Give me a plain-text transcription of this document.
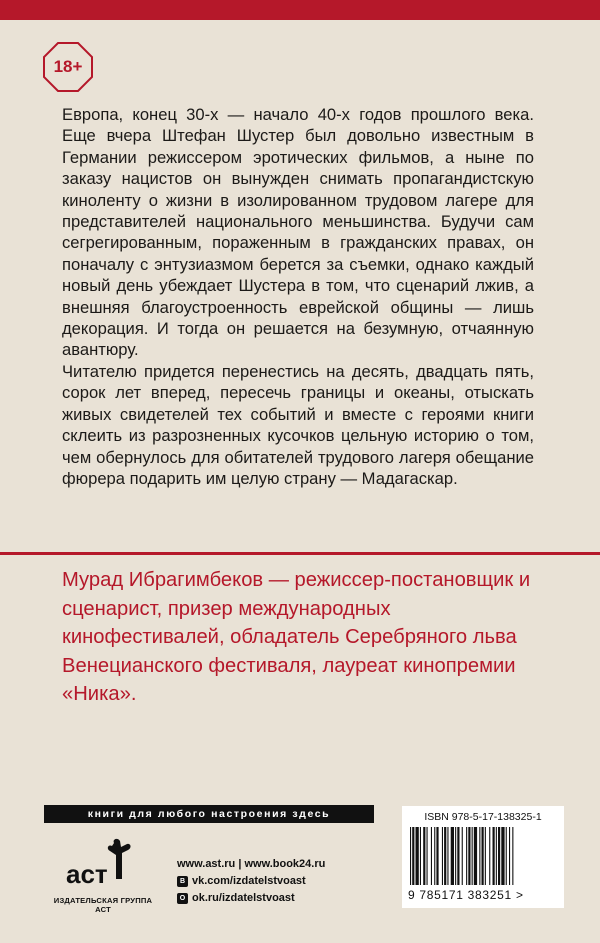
18+

Европа, конец 30-х — начало 40-х годов прошлого века. Еще вчера Штефан Шустер был довольно известным в Германии режиссером эротических фильмов, а ныне по заказу нацистов он вынужден снимать пропагандистскую киноленту о жизни в изолированном трудовом лагере для представителей национального меньшинства. Будучи сам сегрегированным, пораженным в гражданских правах, он поначалу с энтузиазмом берется за съемки, однако каждый новый день убеждает Шустера в том, что сценарий лжив, а внешняя благоустроенность еврейской общины — лишь декорация. И тогда он решается на безумную, отчаянную авантюру.

Читателю придется перенестись на десять, двадцать пять, сорок лет вперед, пересечь границы и океаны, отыскать живых свидетелей тех событий и вместе с героями книги склеить из разрозненных кусочков цельную историю о том, чем обернулось для обитателей трудового лагеря обещание фюрера подарить им целую страну — Мадагаскар.

Мурад Ибрагимбеков — режиссер-постановщик и сценарист, призер международных кинофестивалей, обладатель Серебряного льва Венецианского фестиваля, лауреат кинопремии «Ника».
книги для любого настроения здесь
аст
ИЗДАТЕЛЬСКАЯ ГРУППА АСТ
www.ast.ru | www.book24.ru
В vk.com/izdatelstvoast
О ok.ru/izdatelstvoast
ISBN 978-5-17-138325-1
9 785171 383251 >
